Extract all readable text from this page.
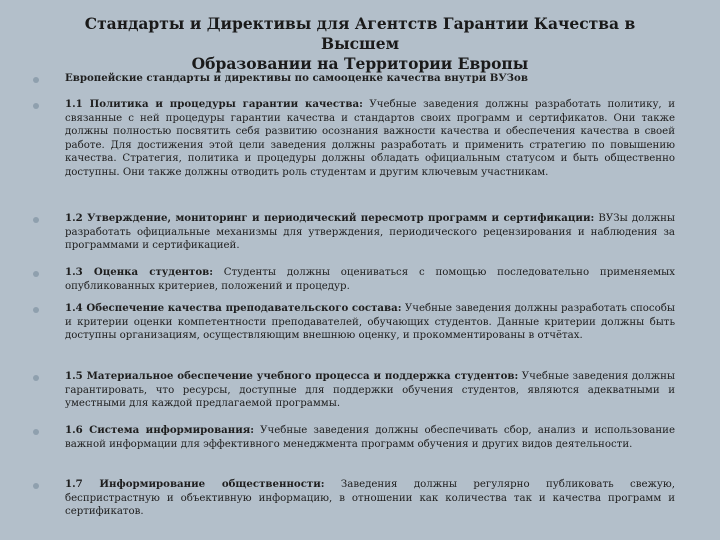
Стандарты и Директивы для Агентств Гарантии Качества в Высшем
Образовании на Территории Европы
Европейские стандарты и директивы по самооценке качества внутри ВУЗов
1.1 Политика и процедуры гарантии качества: Учебные заведения должны разработать политику, и связанные с ней процедуры гарантии качества и стандартов своих программ и сертификатов. Они также должны полностью посвятить себя развитию осознания важности качества и обеспечения качества в своей работе. Для достижения этой цели заведения должны разработать и применить стратегию по повышению качества. Стратегия, политика и процедуры должны обладать официальным статусом и быть общественно доступны. Они также должны отводить роль студентам и другим ключевым участникам.
1.2 Утверждение, мониторинг и периодический пересмотр программ и сертификации: ВУЗы должны разработать официальные механизмы для утверждения, периодического рецензирования и наблюдения за программами и сертификацией.
1.3 Оценка студентов: Студенты должны оцениваться с помощью последовательно применяемых опубликованных критериев, положений и процедур.
1.4 Обеспечение качества преподавательского состава: Учебные заведения должны разработать способы и критерии оценки компетентности преподавателей, обучающих студентов. Данные критерии должны быть доступны организациям, осуществляющим внешнюю оценку, и прокомментированы в отчётах.
1.5 Материальное обеспечение учебного процесса и поддержка студентов: Учебные заведения должны гарантировать, что ресурсы, доступные для поддержки обучения студентов, являются адекватными и уместными для каждой предлагаемой программы.
1.6 Система информирования: Учебные заведения должны обеспечивать сбор, анализ и использование важной информации для эффективного менеджмента программ обучения и других видов деятельности.
1.7 Информирование общественности: Заведения должны регулярно публиковать свежую, беспристрастную и объективную информацию, в отношении как количества так и качества программ и сертификатов.
